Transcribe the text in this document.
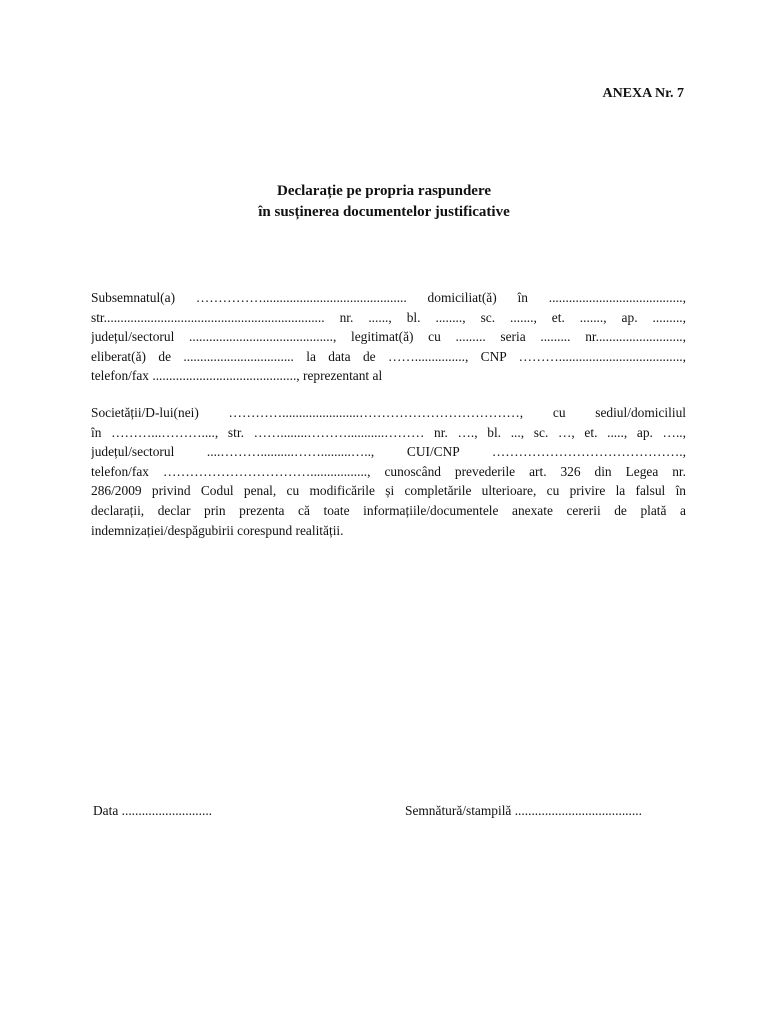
ANEXA Nr. 7
Declarație pe propria raspundere
în susținerea documentelor justificative
Subsemnatul(a) ……………........................................... domiciliat(ă) în ........................................,
str.................................................................. nr. ......, bl. ........, sc. ......., et. ......., ap. .........,
județul/sectorul ..........................................., legitimat(ă) cu ......... seria ......... nr..........................,
eliberat(ă) de ................................. la data de ……..............., CNP ……….....................................,
telefon/fax ..........................................., reprezentant al
Societății/D-lui(nei) ………….......................………………………………, cu sediul/domiciliul
în ………...………...., str. ……........………...........……… nr. …., bl. ..., sc. …, et. ....., ap. …..,
județul/sectorul ....………..........…….........….., CUI/CNP …………………………………….,
telefon/fax ……………………………................., cunoscând prevederile art. 326 din Legea nr.
286/2009 privind Codul penal, cu modificările și completările ulterioare, cu privire la falsul în
declarații, declar prin prezenta că toate informațiile/documentele anexate cererii de plată a
indemnizației/despăgubirii corespund realității.
Data ...........................	Semnătură/stampilă ......................................
